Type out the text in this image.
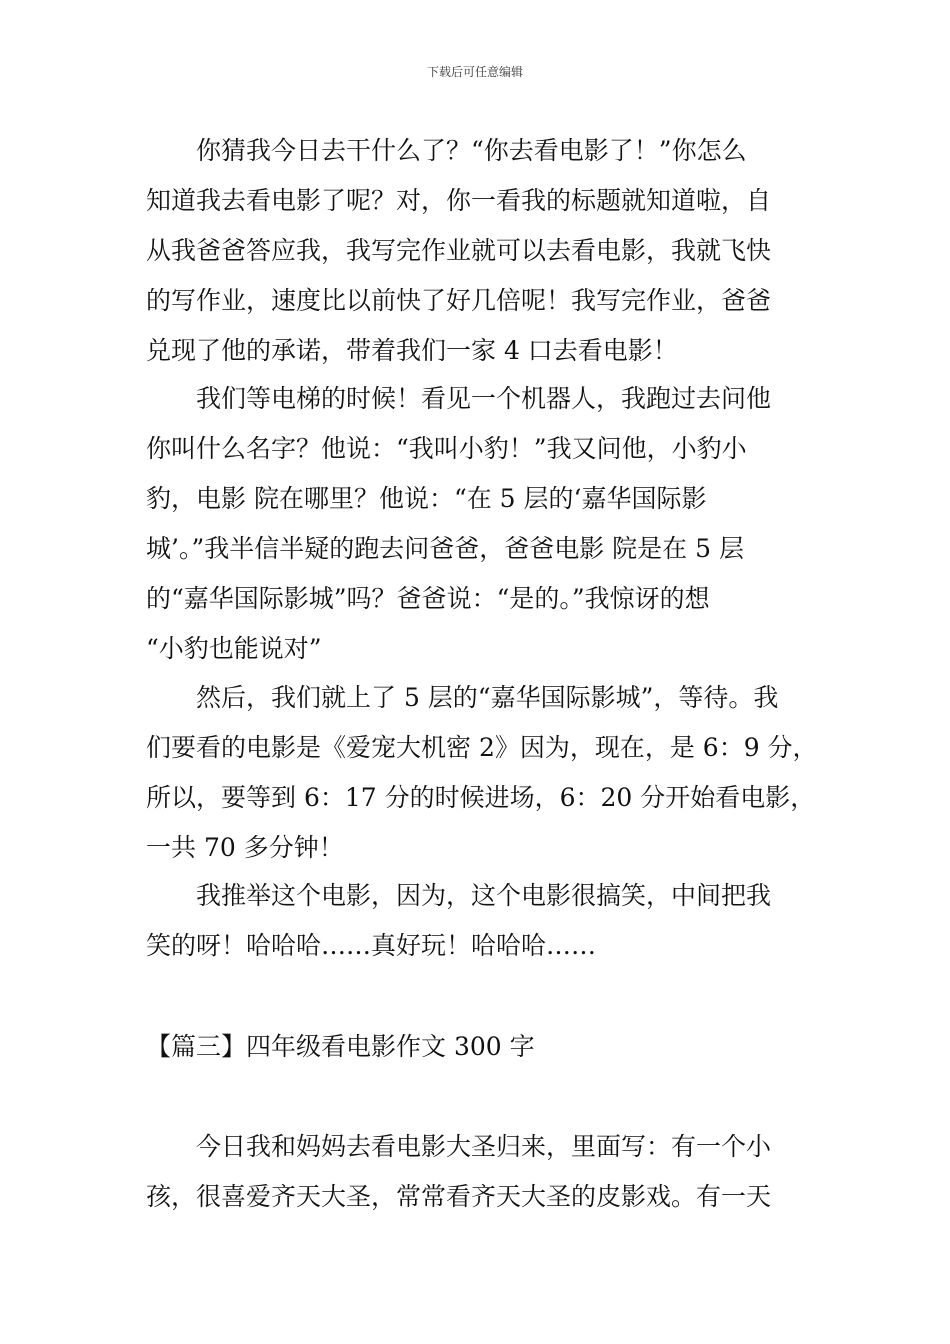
下载后可任意编辑
你猜我今日去干什么了？“你去看电影了！”你怎么
知道我去看电影了呢？对，你一看我的标题就知道啦，自
从我爸爸答应我，我写完作业就可以去看电影，我就飞快
的写作业，速度比以前快了好几倍呢！我写完作业，爸爸
兑现了他的承诺，带着我们一家 4 口去看电影！
我们等电梯的时候！看见一个机器人，我跑过去问他
你叫什么名字？他说：“我叫小豹！”我又问他，小豹小
豹，电影 院在哪里？他说：“在 5 层的‘嘉华国际影
城’。”我半信半疑的跑去问爸爸，爸爸电影 院是在 5 层
的“嘉华国际影城”吗？爸爸说：“是的。”我惊讶的想
“小豹也能说对”
然后，我们就上了 5 层的“嘉华国际影城”，等待。我
们要看的电影是《爱宠大机密 2》因为，现在，是 6：9 分，
所以，要等到 6：17 分的时候进场，6：20 分开始看电影，
一共 70 多分钟！
我推举这个电影，因为，这个电影很搞笑，中间把我
笑的呀！哈哈哈……真好玩！哈哈哈……
【篇三】四年级看电影作文 300 字
今日我和妈妈去看电影大圣归来，里面写：有一个小
孩，很喜爱齐天大圣，常常看齐天大圣的皮影戏。有一天
